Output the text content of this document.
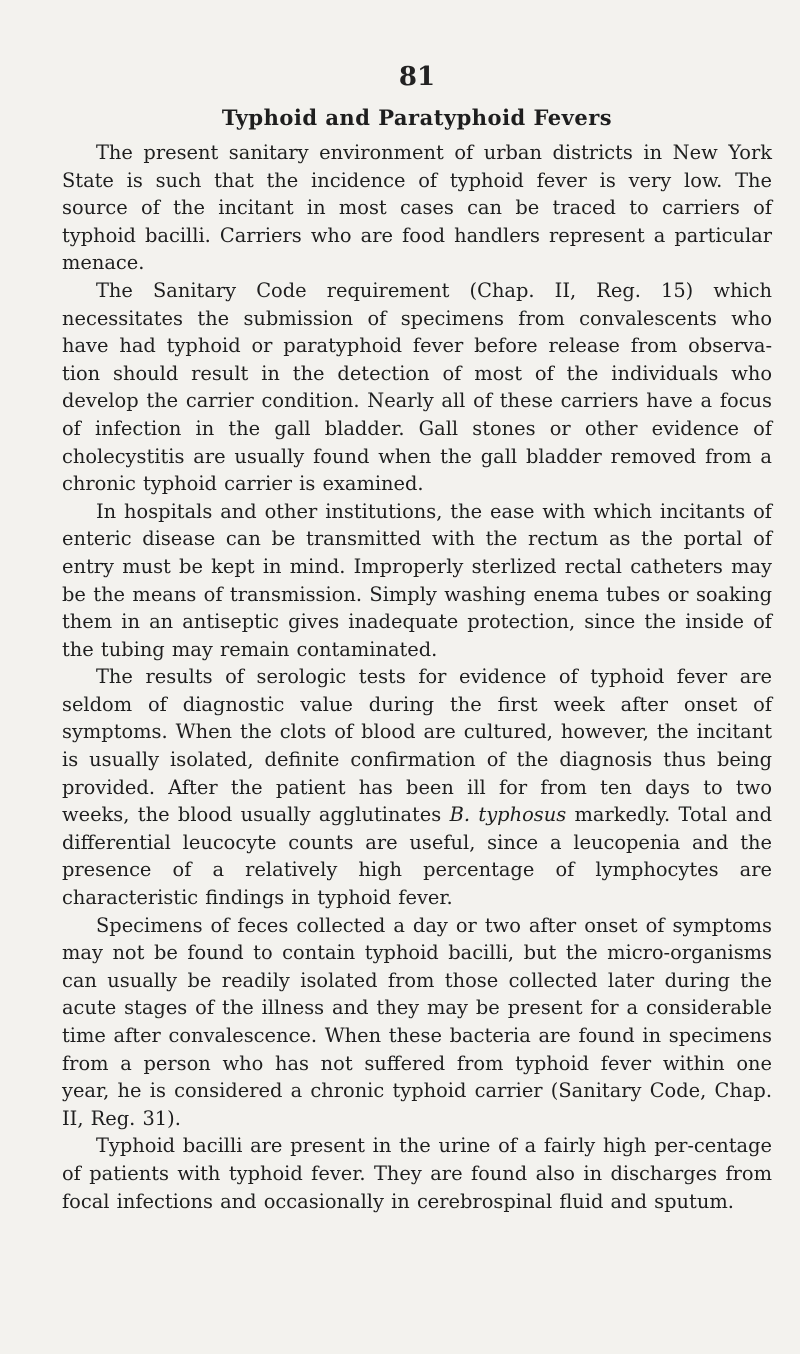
81
Typhoid and Paratyphoid Fevers

The present sanitary environment of urban districts in New York State is such that the incidence of typhoid fever is very low. The source of the incitant in most cases can be traced to carriers of typhoid bacilli. Carriers who are food handlers represent a particular menace.

The Sanitary Code requirement (Chap. II, Reg. 15) which necessitates the submission of specimens from convalescents who have had typhoid or paratyphoid fever before release from observa-tion should result in the detection of most of the individuals who develop the carrier condition. Nearly all of these carriers have a focus of infection in the gall bladder. Gall stones or other evidence of cholecystitis are usually found when the gall bladder removed from a chronic typhoid carrier is examined.

In hospitals and other institutions, the ease with which incitants of enteric disease can be transmitted with the rectum as the portal of entry must be kept in mind. Improperly sterlized rectal catheters may be the means of transmission. Simply washing enema tubes or soaking them in an antiseptic gives inadequate protection, since the inside of the tubing may remain contaminated.

The results of serologic tests for evidence of typhoid fever are seldom of diagnostic value during the first week after onset of symptoms. When the clots of blood are cultured, however, the incitant is usually isolated, definite confirmation of the diagnosis thus being provided. After the patient has been ill for from ten days to two weeks, the blood usually agglutinates B. typhosus markedly. Total and differential leucocyte counts are useful, since a leucopenia and the presence of a relatively high percentage of lymphocytes are characteristic findings in typhoid fever.

Specimens of feces collected a day or two after onset of symptoms may not be found to contain typhoid bacilli, but the micro-organisms can usually be readily isolated from those collected later during the acute stages of the illness and they may be present for a considerable time after convalescence. When these bacteria are found in specimens from a person who has not suffered from typhoid fever within one year, he is considered a chronic typhoid carrier (Sanitary Code, Chap. II, Reg. 31).

Typhoid bacilli are present in the urine of a fairly high per-centage of patients with typhoid fever. They are found also in discharges from focal infections and occasionally in cerebrospinal fluid and sputum.
